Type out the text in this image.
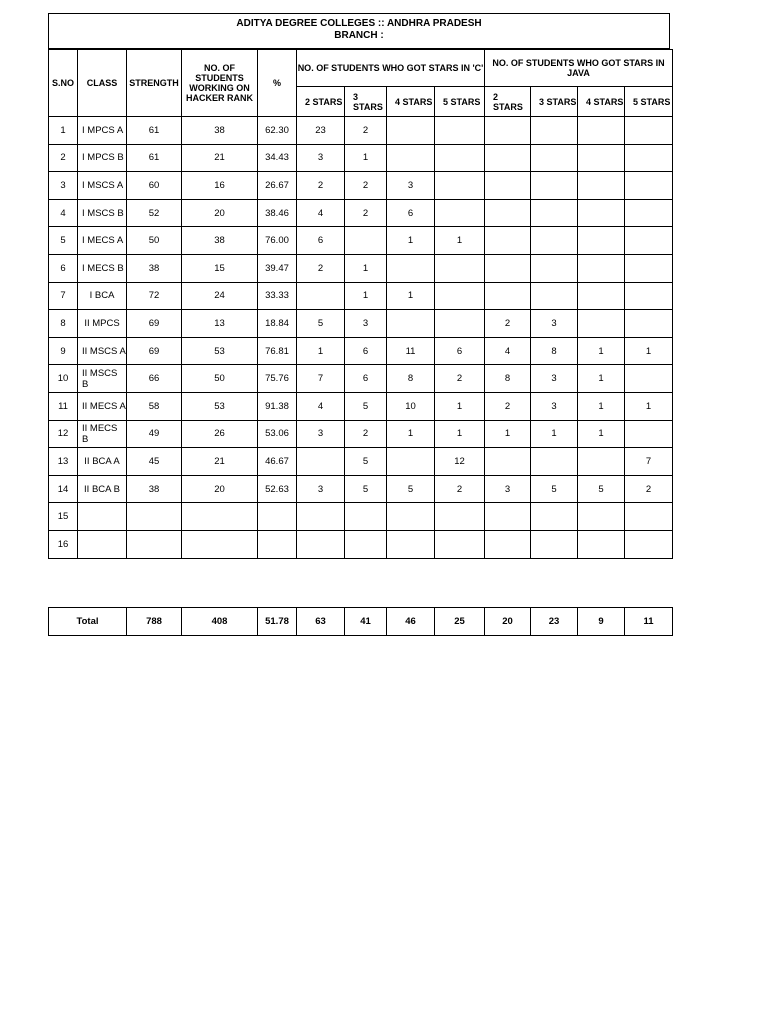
ADITYA DEGREE COLLEGES :: ANDHRA PRADESH
BRANCH :
S.NO	CLASS	STRENGTH	NO. OF STUDENTS WORKING ON HACKER RANK	%	NO. OF STUDENTS WHO GOT STARS IN 'C'				NO. OF STUDENTS WHO GOT STARS IN JAVA			
					2 STARS	3 STARS	4 STARS	5 STARS	2 STARS	3 STARS	4 STARS	5 STARS
1	I MPCS A	61	38	62.30	23	2						
2	I MPCS B	61	21	34.43	3	1						
3	I MSCS A	60	16	26.67	2	2	3					
4	I MSCS B	52	20	38.46	4	2	6					
5	I MECS A	50	38	76.00	6		1	1				
6	I MECS B	38	15	39.47	2	1						
7	I BCA	72	24	33.33		1	1					
8	II MPCS	69	13	18.84	5	3			2	3		
9	II MSCS A	69	53	76.81	1	6	11	6	4	8	1	1
10	II MSCS B	66	50	75.76	7	6	8	2	8	3	1	
11	II MECS A	58	53	91.38	4	5	10	1	2	3	1	1
12	II MECS B	49	26	53.06	3	2	1	1	1	1	1	
13	II BCA A	45	21	46.67		5		12				7
14	II BCA B	38	20	52.63	3	5	5	2	3	5	5	2
15												
16												
Total	788	408	51.78	63	41	46	25	20	23	9	11
